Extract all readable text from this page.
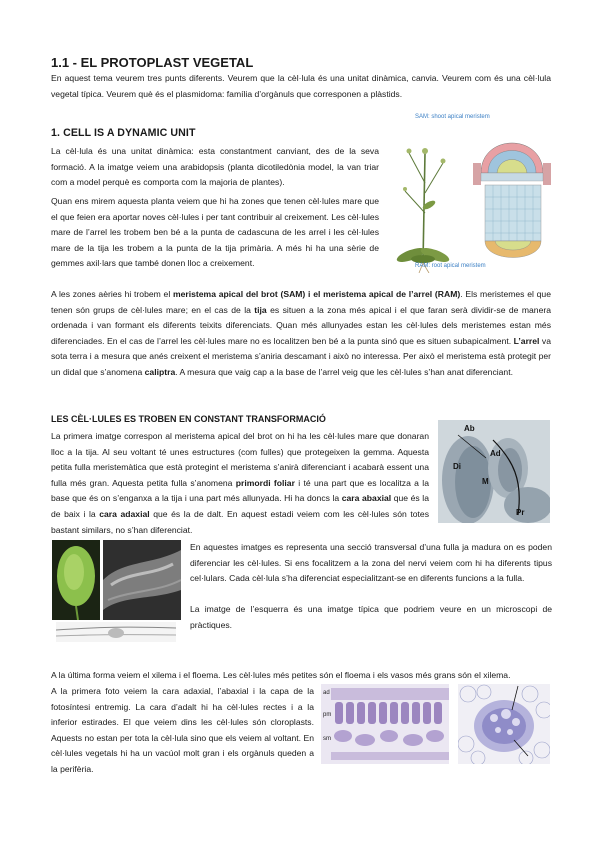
1.1 - EL PROTOPLAST VEGETAL
En aquest tema veurem tres punts diferents. Veurem que la cèl·lula és una unitat dinàmica, canvia. Veurem com és una cèl·lula vegetal típica. Veurem què és el plasmidoma: família d’orgànuls que corresponen a plàstids.
1. CELL IS A DYNAMIC UNIT
La cèl·lula és una unitat dinàmica: esta constantment canviant, des de la seva formació. A la imatge veiem una arabidopsis (planta dicotiledònia model, la van triar com a model perquè es comporta com la majoria de plantes).
Quan ens mirem aquesta planta veiem que hi ha zones que tenen cèl·lules mare que el que feien era aportar noves cèl·lules i per tant contribuir al creixement. Les cèl·lules mare de l’arrel les trobem ben bé a la punta de cadascuna de les arrel i les cèl·lules mare de la tija les trobem a la punta de la tija primària. A més hi ha una sèrie de gemmes axil·lars que també donen lloc a creixement.
SAM: shoot apical meristem
RAM: root apical meristem
A les zones aèries hi trobem el meristema apical del brot (SAM) i el meristema apical de l’arrel (RAM). Els meristemes el que tenen són grups de cèl·lules mare; en el cas de la tija es situen a la zona més apical i el que faran serà dividir-se de manera ordenada i van formant els diferents teixits diferenciats. Quan més allunyades estan les cèl·lules dels meristemes estan més diferenciades. En el cas de l’arrel les cèl·lules mare no es localitzen ben bé a la punta sinó que es situen subapicalment. L’arrel va sota terra i a mesura que anés creixent el meristema s’aniria descamant i això no interessa. Per això el meristema està protegit per un didal que s’anomena caliptra. A mesura que vaig cap a la base de l’arrel veig que les cèl·lules s’han anat diferenciant.
LES CÈL·LULES ES TROBEN EN CONSTANT TRANSFORMACIÓ
La primera imatge correspon al meristema apical del brot on hi ha les cèl·lules mare que donaran lloc a la tija. Al seu voltant té unes estructures (com fulles) que protegeixen la gemma. Aquesta petita fulla meristemàtica que està protegint el meristema s’anirà diferenciant i acabarà essent una fulla més gran. Aquesta petita fulla s’anomena primordi foliar i té una part que es localitza a la base que és on s’enganxa a la tija i una part més allunyada. Hi ha doncs la cara abaxial que és la de baix i la cara adaxial que és la de dalt. En aquest estadi veiem com les cèl·lules són totes bastant similars, no s’han diferenciat.
Ab
Ad
Di
M
Pr
En aquestes imatges es representa una secció transversal d’una fulla ja madura on es poden diferenciar les cèl·lules. Si ens focalitzem a la zona del nervi veiem com hi ha diferents tipus cel·lulars. Cada cèl·lula s’ha diferenciat especialitzant-se en diferents funcions a la fulla.
La imatge de l’esquerra és una imatge típica que podriem veure en un microscopi de pràctiques.
A la última forma veiem el xilema i el floema. Les cèl·lules més petites són el floema i els vasos més grans són el xilema.
A la primera foto veiem la cara adaxial, l’abaxial i la capa de la fotosíntesi entremig. La cara d’adalt hi ha cèl·lules rectes i a la inferior estirades. El que veiem dins les cèl·lules són cloroplasts. Aquests no estan per tota la cèl·lula sino que els veiem al voltant. En cèl·lules vegetals hi ha un vacúol molt gran i els orgànuls queden a la perifèria.
ad
pm
sm
